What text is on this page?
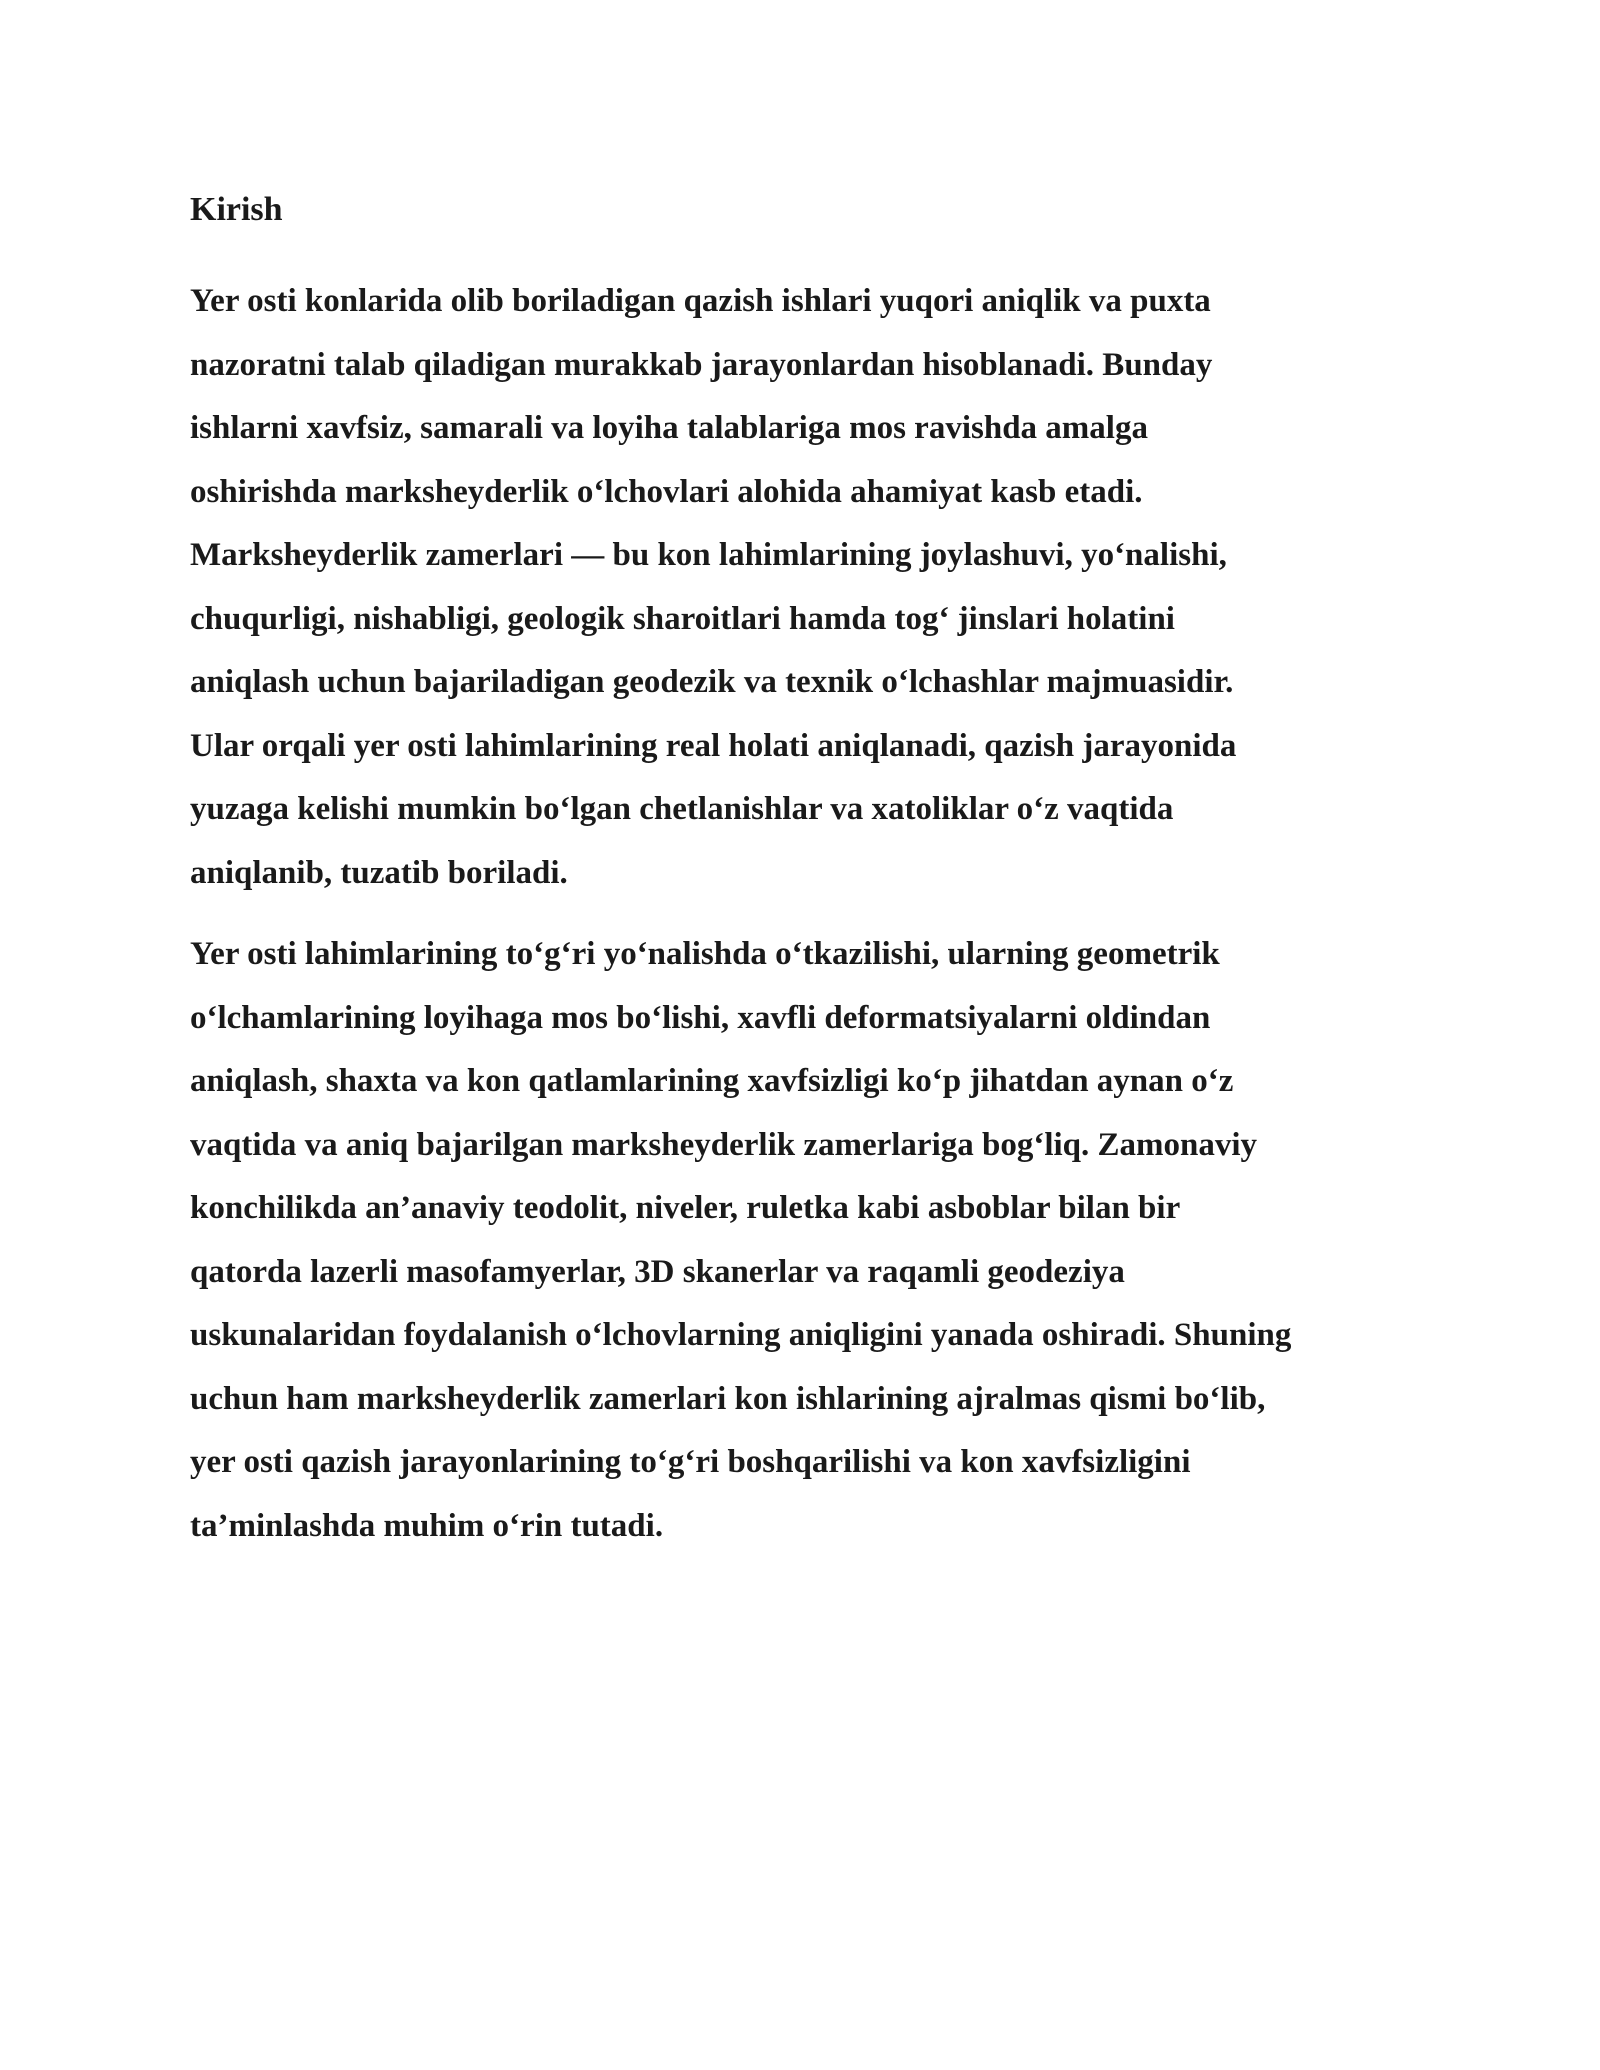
Kirish
Yer osti konlarida olib boriladigan qazish ishlari yuqori aniqlik va puxta
nazoratni talab qiladigan murakkab jarayonlardan hisoblanadi. Bunday
ishlarni xavfsiz, samarali va loyiha talablariga mos ravishda amalga
oshirishda marksheyderlik o‘lchovlari alohida ahamiyat kasb etadi.
Marksheyderlik zamerlari — bu kon lahimlarining joylashuvi, yo‘nalishi,
chuqurligi, nishabligi, geologik sharoitlari hamda tog‘ jinslari holatini
aniqlash uchun bajariladigan geodezik va texnik o‘lchashlar majmuasidir.
Ular orqali yer osti lahimlarining real holati aniqlanadi, qazish jarayonida
yuzaga kelishi mumkin bo‘lgan chetlanishlar va xatoliklar o‘z vaqtida
aniqlanib, tuzatib boriladi.
Yer osti lahimlarining to‘g‘ri yo‘nalishda o‘tkazilishi, ularning geometrik
o‘lchamlarining loyihaga mos bo‘lishi, xavfli deformatsiyalarni oldindan
aniqlash, shaxta va kon qatlamlarining xavfsizligi ko‘p jihatdan aynan o‘z
vaqtida va aniq bajarilgan marksheyderlik zamerlariga bog‘liq. Zamonaviy
konchilikda an’anaviy teodolit, niveler, ruletka kabi asboblar bilan bir
qatorda lazerli masofamyerlar, 3D skanerlar va raqamli geodeziya
uskunalaridan foydalanish o‘lchovlarning aniqligini yanada oshiradi. Shuning
uchun ham marksheyderlik zamerlari kon ishlarining ajralmas qismi bo‘lib,
yer osti qazish jarayonlarining to‘g‘ri boshqarilishi va kon xavfsizligini
ta’minlashda muhim o‘rin tutadi.
